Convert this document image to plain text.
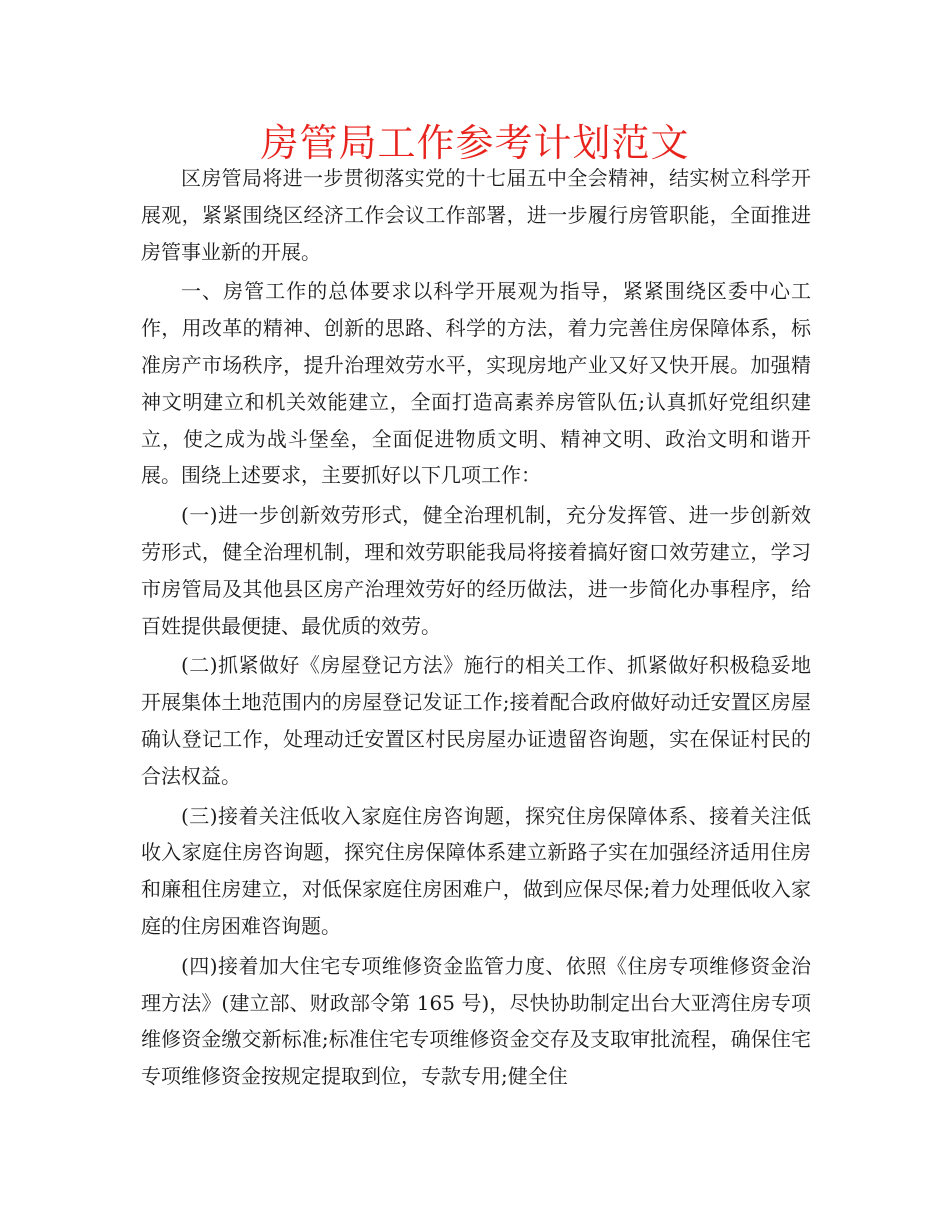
房管局工作参考计划范文

区房管局将进一步贯彻落实党的十七届五中全会精神，结实树立科学开展观，紧紧围绕区经济工作会议工作部署，进一步履行房管职能，全面推进房管事业新的开展。

一、房管工作的总体要求以科学开展观为指导，紧紧围绕区委中心工作，用改革的精神、创新的思路、科学的方法，着力完善住房保障体系，标准房产市场秩序，提升治理效劳水平，实现房地产业又好又快开展。加强精神文明建立和机关效能建立，全面打造高素养房管队伍;认真抓好党组织建立，使之成为战斗堡垒，全面促进物质文明、精神文明、政治文明和谐开展。围绕上述要求，主要抓好以下几项工作：

(一)进一步创新效劳形式，健全治理机制，充分发挥管、进一步创新效劳形式，健全治理机制，理和效劳职能我局将接着搞好窗口效劳建立，学习市房管局及其他县区房产治理效劳好的经历做法，进一步简化办事程序，给百姓提供最便捷、最优质的效劳。

(二)抓紧做好《房屋登记方法》施行的相关工作、抓紧做好积极稳妥地开展集体土地范围内的房屋登记发证工作;接着配合政府做好动迁安置区房屋确认登记工作，处理动迁安置区村民房屋办证遗留咨询题，实在保证村民的合法权益。

(三)接着关注低收入家庭住房咨询题，探究住房保障体系、接着关注低收入家庭住房咨询题，探究住房保障体系建立新路子实在加强经济适用住房和廉租住房建立，对低保家庭住房困难户，做到应保尽保;着力处理低收入家庭的住房困难咨询题。

(四)接着加大住宅专项维修资金监管力度、依照《住房专项维修资金治理方法》(建立部、财政部令第 165 号)，尽快协助制定出台大亚湾住房专项维修资金缴交新标准;标准住宅专项维修资金交存及支取审批流程，确保住宅专项维修资金按规定提取到位，专款专用;健全住
